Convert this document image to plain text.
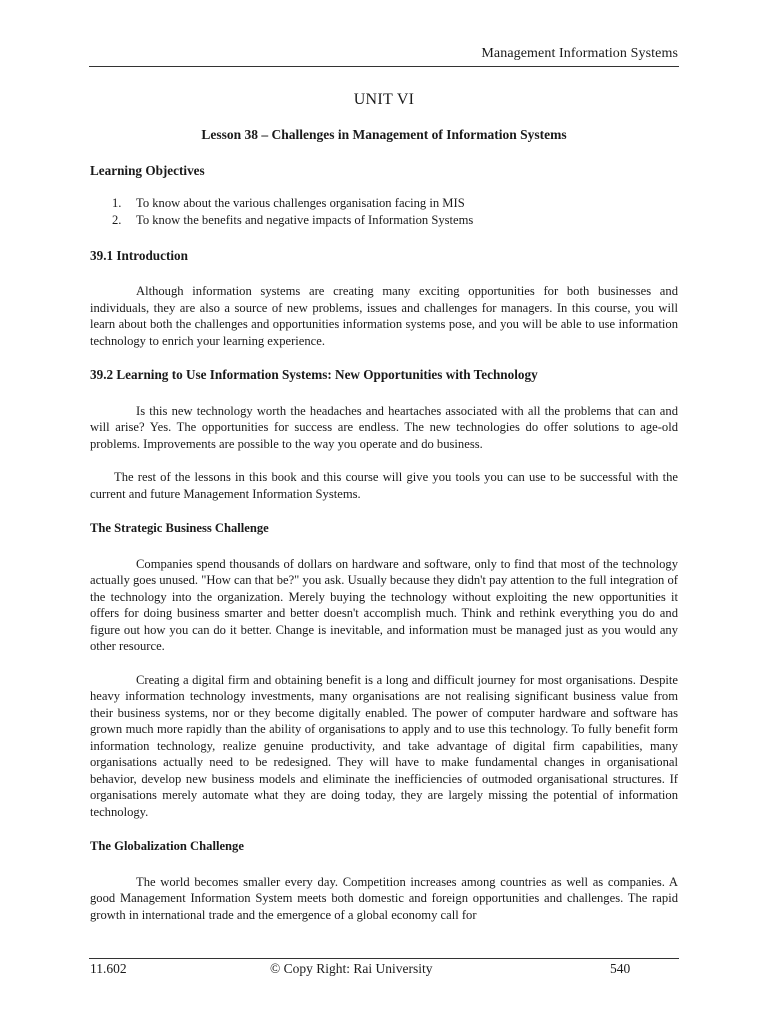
Management Information Systems
UNIT VI
Lesson 38 – Challenges in Management of Information Systems
Learning Objectives
1.	To know about the various challenges organisation facing in MIS
2.	To know the benefits and negative impacts of Information Systems
39.1 Introduction

Although information systems are creating many exciting opportunities for both businesses and individuals, they are also a source of new problems, issues and challenges for managers. In this course, you will learn about both the challenges and opportunities information systems pose, and you will be able to use information technology to enrich your learning experience.

39.2 Learning to Use Information Systems: New Opportunities with Technology

Is this new technology worth the headaches and heartaches associated with all the problems that can and will arise? Yes. The opportunities for success are endless. The new technologies do offer solutions to age-old problems. Improvements are possible to the way you operate and do business.

The rest of the lessons in this book and this course will give you tools you can use to be successful with the current and future Management Information Systems.

The Strategic Business Challenge

Companies spend thousands of dollars on hardware and software, only to find that most of the technology actually goes unused. "How can that be?" you ask. Usually because they didn't pay attention to the full integration of the technology into the organization. Merely buying the technology without exploiting the new opportunities it offers for doing business smarter and better doesn't accomplish much. Think and rethink everything you do and figure out how you can do it better. Change is inevitable, and information must be managed just as you would any other resource.

Creating a digital firm and obtaining benefit is a long and difficult journey for most organisations. Despite heavy information technology investments, many organisations are not realising significant business value from their business systems, nor or they become digitally enabled. The power of computer hardware and software has grown much more rapidly than the ability of organisations to apply and to use this technology. To fully benefit form information technology, realize genuine productivity, and take advantage of digital firm capabilities, many organisations actually need to be redesigned. They will have to make fundamental changes in organisational behavior, develop new business models and eliminate the inefficiencies of outmoded organisational structures. If organisations merely automate what they are doing today, they are largely missing the potential of information technology.

The Globalization Challenge

The world becomes smaller every day. Competition increases among countries as well as companies. A good Management Information System meets both domestic and foreign opportunities and challenges. The rapid growth in international trade and the emergence of a global economy call for

11.602	© Copy Right: Rai University	540
